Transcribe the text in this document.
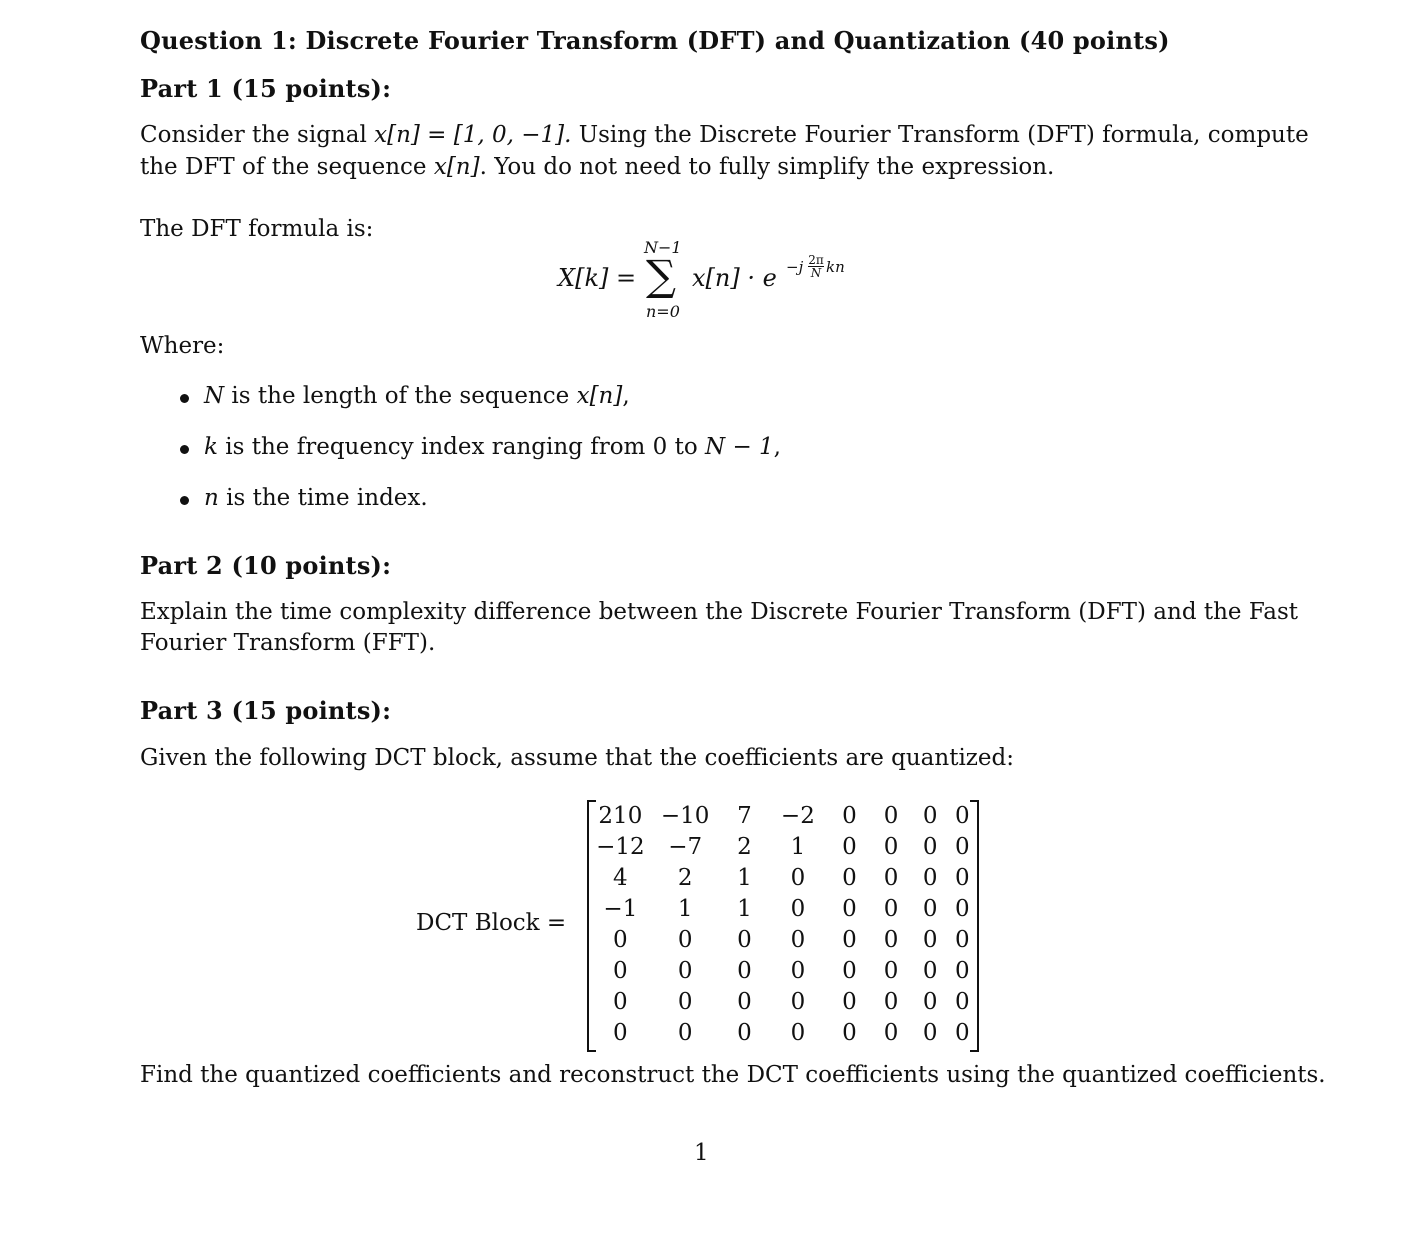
Question 1: Discrete Fourier Transform (DFT) and Quantization (40 points)
Part 1 (15 points):
Consider the signal x[n] = [1, 0, −1]. Using the Discrete Fourier Transform (DFT) formula, compute
the DFT of the sequence x[n]. You do not need to fully simplify the expression.
The DFT formula is:
X[k] =
N−1
∑
n=0
$x[n] \cdot e -j \frac{2\pi}{N}$ kn
Where:
N is the length of the sequence x[n],
k is the frequency index ranging from 0 to N − 1,
n is the time index.
Part 2 (10 points):
Explain the time complexity difference between the Discrete Fourier Transform (DFT) and the Fast
Fourier Transform (FFT).
Part 3 (15 points):
Given the following DCT block, assume that the coefficients are quantized:
DCT Block =
210	−10	7	−2	0	0	0	0
−12	−7	2	1	0	0	0	0
4	2	1	0	0	0	0	0
−1	1	1	0	0	0	0	0
0	0	0	0	0	0	0	0
0	0	0	0	0	0	0	0
0	0	0	0	0	0	0	0
0	0	0	0	0	0	0	0
Find the quantized coefficients and reconstruct the DCT coefficients using the quantized coefficients.
1
